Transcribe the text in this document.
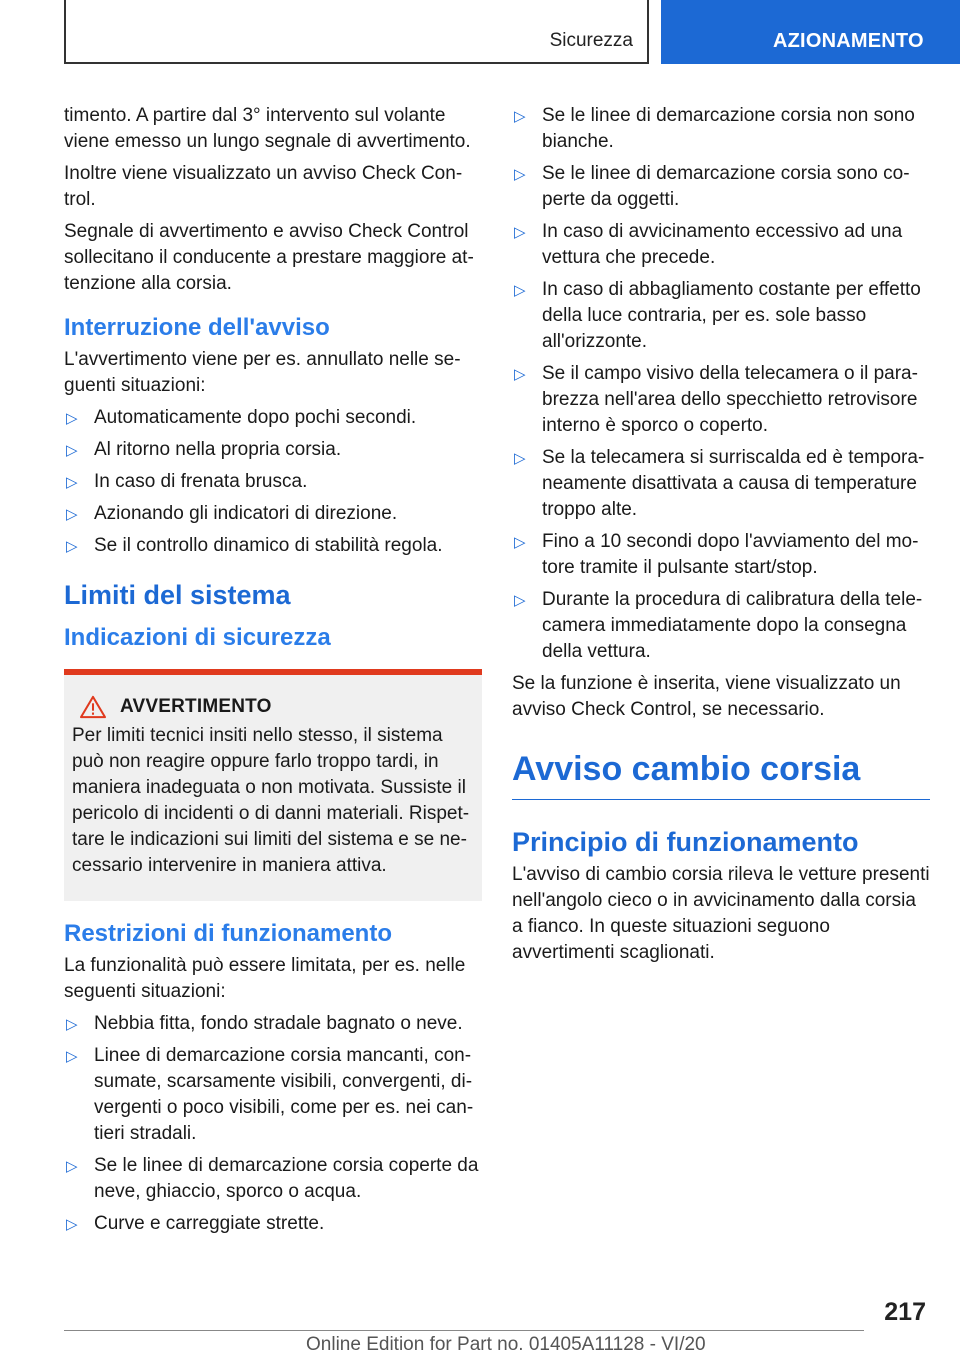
Sicurezza	AZIONAMENTO

timento. A partire dal 3° intervento sul volante viene emesso un lungo segnale di avvertimento.

Inoltre viene visualizzato un avviso Check Control.

Segnale di avvertimento e avviso Check Control sollecitano il conducente a prestare maggiore attenzione alla corsia.

Interruzione dell'avviso

L'avvertimento viene per es. annullato nelle seguenti situazioni:

▷ Automaticamente dopo pochi secondi.
▷ Al ritorno nella propria corsia.
▷ In caso di frenata brusca.
▷ Azionando gli indicatori di direzione.
▷ Se il controllo dinamico di stabilità regola.
Limiti del sistema
Indicazioni di sicurezza
AVVERTIMENTO

Per limiti tecnici insiti nello stesso, il sistema può non reagire oppure farlo troppo tardi, in maniera inadeguata o non motivata. Sussiste il pericolo di incidenti o di danni materiali. Rispettare le indicazioni sui limiti del sistema e se necessario intervenire in maniera attiva.

Restrizioni di funzionamento

La funzionalità può essere limitata, per es. nelle seguenti situazioni:

▷ Nebbia fitta, fondo stradale bagnato o neve.
▷ Linee di demarcazione corsia mancanti, consumate, scarsamente visibili, convergenti, divergenti o poco visibili, come per es. nei cantieri stradali.
▷ Se le linee di demarcazione corsia coperte da neve, ghiaccio, sporco o acqua.
▷ Curve e carreggiate strette.
▷ Se le linee di demarcazione corsia non sono bianche.
▷ Se le linee di demarcazione corsia sono coperte da oggetti.
▷ In caso di avvicinamento eccessivo ad una vettura che precede.
▷ In caso di abbagliamento costante per effetto della luce contraria, per es. sole basso all'orizzonte.
▷ Se il campo visivo della telecamera o il parabrezza nell'area dello specchietto retrovisore interno è sporco o coperto.
▷ Se la telecamera si surriscalda ed è temporaneamente disattivata a causa di temperature troppo alte.
▷ Fino a 10 secondi dopo l'avviamento del motore tramite il pulsante start/stop.
▷ Durante la procedura di calibratura della telecamera immediatamente dopo la consegna della vettura.

Se la funzione è inserita, viene visualizzato un avviso Check Control, se necessario.

Avviso cambio corsia
Principio di funzionamento

L'avviso di cambio corsia rileva le vetture presenti nell'angolo cieco o in avvicinamento dalla corsia a fianco. In queste situazioni seguono avvertimenti scaglionati.

217
Online Edition for Part no. 01405A11128 - VI/20
